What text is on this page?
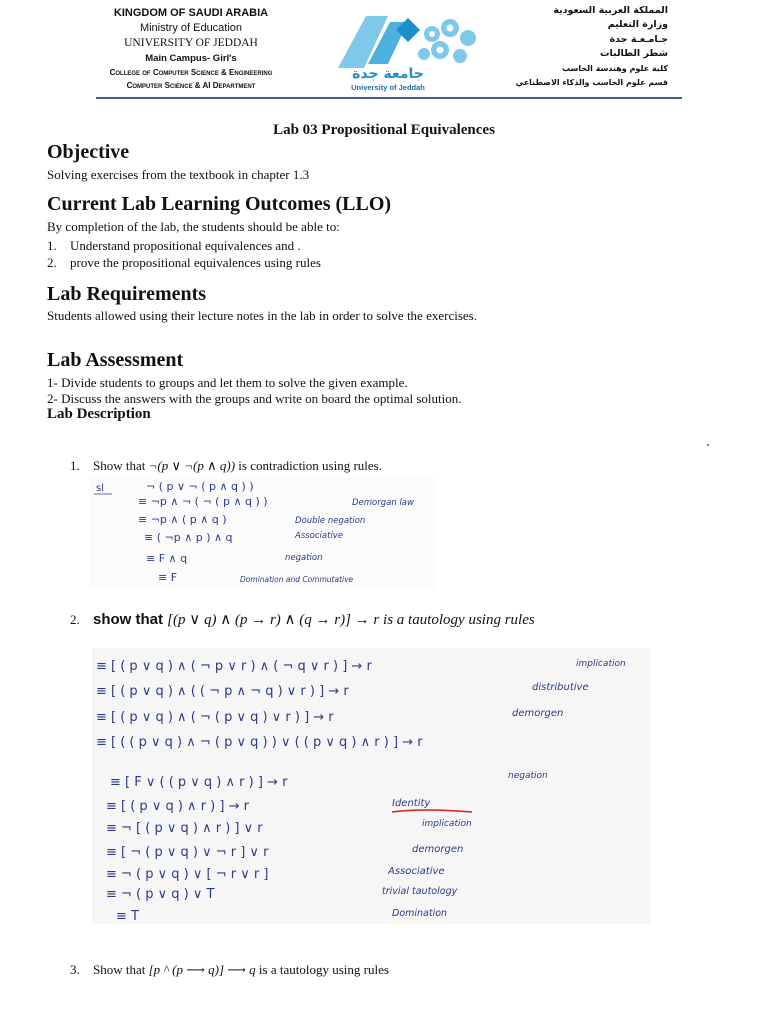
KINGDOM OF SAUDI ARABIA
Ministry of Education
UNIVERSITY OF JEDDAH
Main Campus- Girl's
College of Computer Science & Engineering
Computer Science & AI Department
جامعة جدة
University of Jeddah
المملكة العربية السعودية
وزارة التعليم
جـامـعـة جدة
شطر الطالبات
كلية علوم وهندسة الحاسب
قسم علوم الحاسب والذكاء الاصطناعي
Lab 03 Propositional Equivalences
Objective
Solving exercises from the textbook in chapter 1.3
Current Lab Learning Outcomes (LLO)
By completion of the lab, the students should be able to:
1. Understand propositional equivalences and .
2. prove the propositional equivalences using rules
Lab Requirements
Students allowed using their lecture notes in the lab in order to solve the exercises.
Lab Assessment
1- Divide students to groups and let them to solve the given example.
2- Discuss the answers with the groups and write on board the optimal solution.
Lab Description
1. Show that ¬(p ∨ ¬(p ∧ q)) is contradiction using rules.
sl	¬ ( p ∨ ¬ ( p ∧ q ) )
≡ ¬p ∧ ¬ ( ¬ ( p ∧ q ) )	Demorgan law
≡ ¬p ∧ ( p ∧ q )	Double negation
≡ ( ¬p ∧ p ) ∧ q	Associative
≡ F ∧ q	negation
≡ F	Domination and Commutative
2. show that [(p ∨ q) ∧ (p → r) ∧ (q → r)] → r is a tautology using rules
≡ [ ( p ∨ q ) ∧ ( ¬ p ∨ r ) ∧ ( ¬ q ∨ r ) ] → r	implication
≡ [ ( p ∨ q ) ∧ ( ( ¬ p ∧ ¬ q ) ∨ r ) ] → r	distributive
≡ [ ( p ∨ q ) ∧ ( ¬ ( p ∨ q ) ∨ r ) ] → r	demorgen
≡ [ ( ( p ∨ q ) ∧ ¬ ( p ∨ q ) ) ∨ ( ( p ∨ q ) ∧ r ) ] → r
≡ [ F ∨ ( ( p ∨ q ) ∧ r ) ] → r	negation
≡ [ ( p ∨ q ) ∧ r ) ] → r	Identity
≡ ¬ [ ( p ∨ q ) ∧ r ) ] ∨ r	implication
≡ [ ¬ ( p ∨ q ) ∨ ¬ r ] ∨ r	demorgen
≡ ¬ ( p ∨ q ) ∨ [ ¬ r ∨ r ]	Associative
≡ ¬ ( p ∨ q ) ∨ T	trivial tautology
≡ T	Domination
3. Show that [p ^ (p ⟶ q)] ⟶ q is a tautology using rules
